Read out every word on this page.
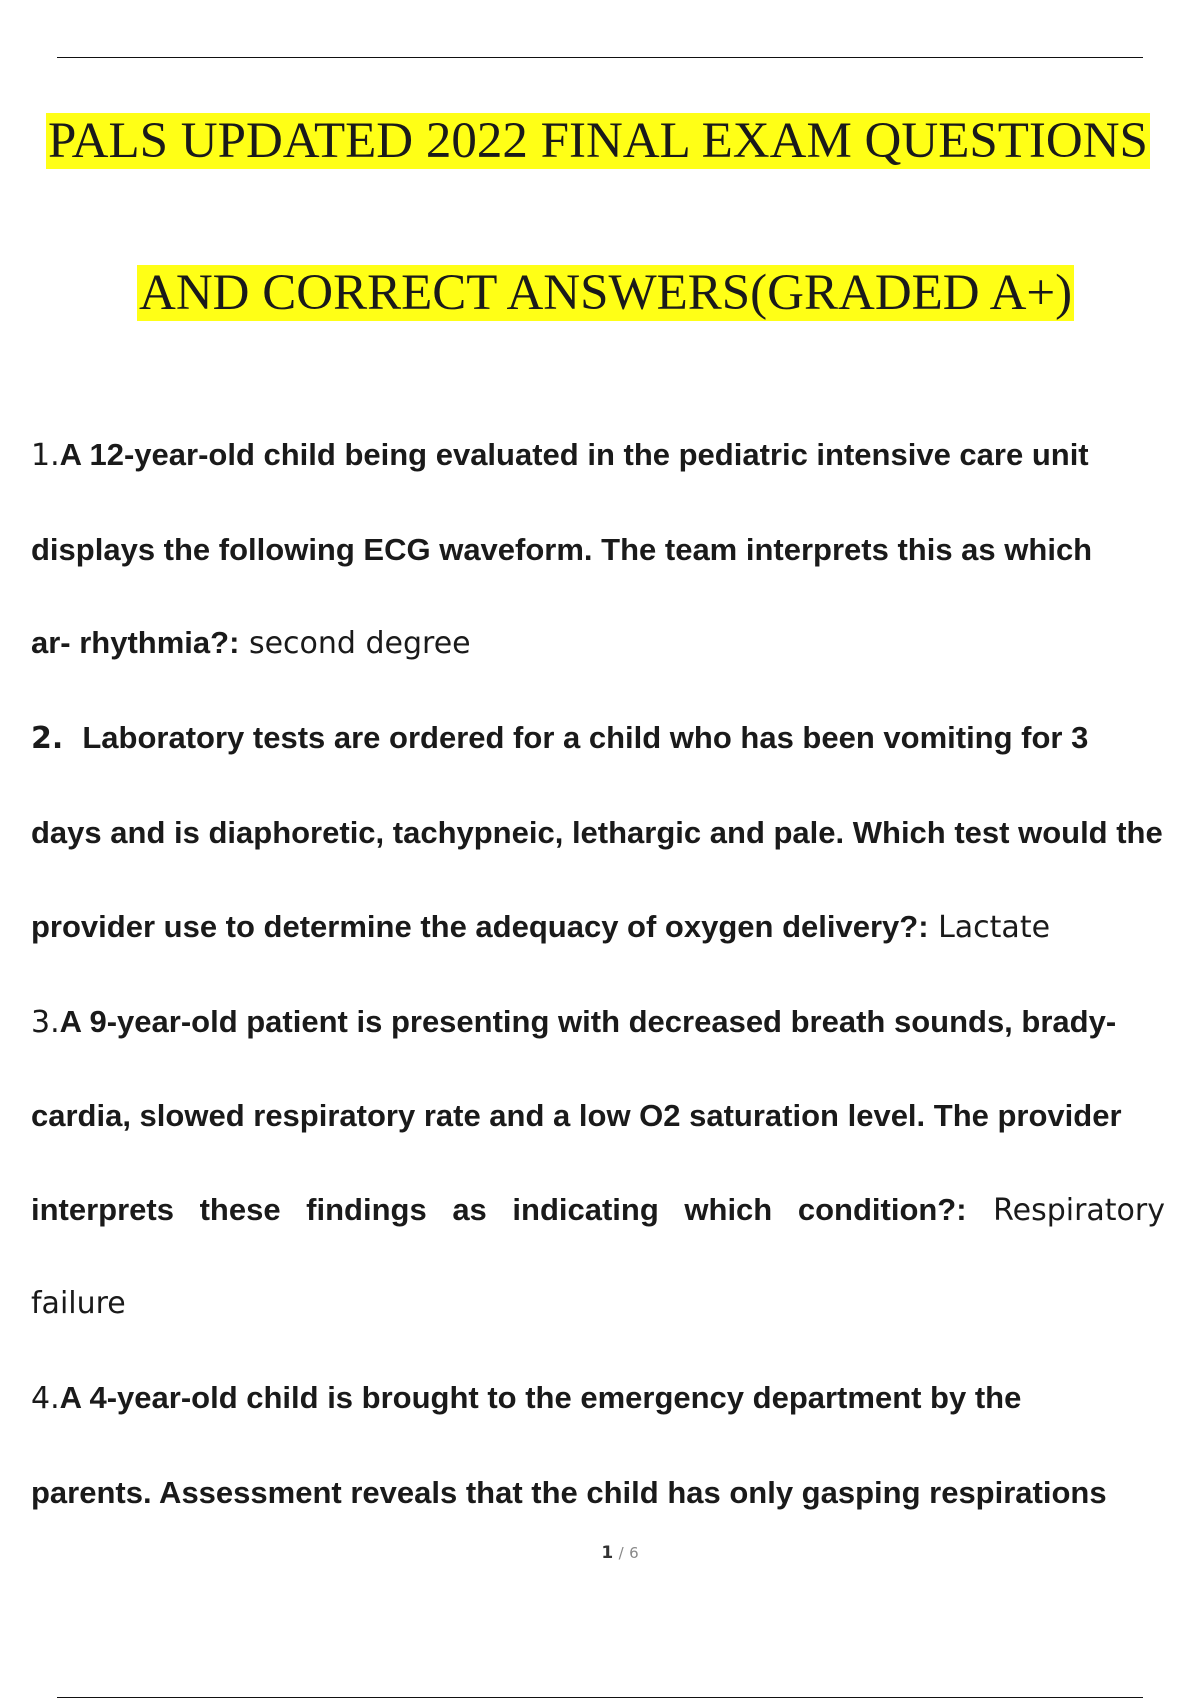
PALS UPDATED 2022 FINAL EXAM QUESTIONS
AND CORRECT ANSWERS(GRADED A+)
1.A 12-year-old child being evaluated in the pediatric intensive care unit
displays the following ECG waveform. The team interprets this as which
ar- rhythmia?: second degree
2. Laboratory tests are ordered for a child who has been vomiting for 3
days and is diaphoretic, tachypneic, lethargic and pale. Which test would the
provider use to determine the adequacy of oxygen delivery?: Lactate
3.A 9-year-old patient is presenting with decreased breath sounds, brady-
cardia, slowed respiratory rate and a low O2 saturation level. The provider
interprets these findings as indicating which condition?: Respiratory
failure
4.A 4-year-old child is brought to the emergency department by the
parents. Assessment reveals that the child has only gasping respirations
1 / 6
